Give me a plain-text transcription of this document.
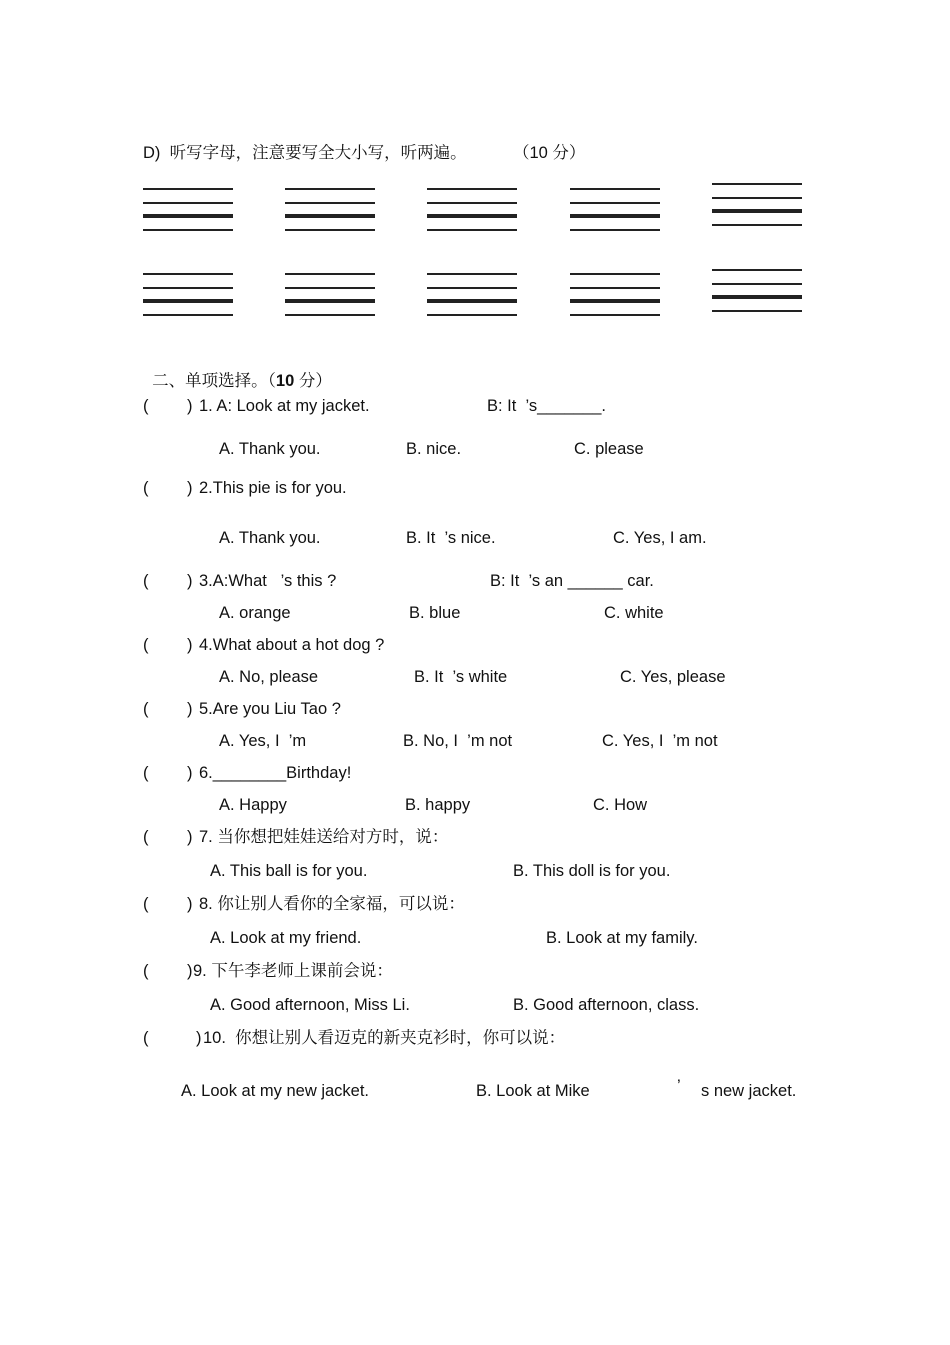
D)  听写字母，注意要写全大小写，听两遍。	（10 分）

二、单项选择。（10 分）

( ) 1. A: Look at my jacket.	B: It  ’s_______.
A. Thank you.	B. nice.	C. please
( ) 2.This pie is for you.
A. Thank you.	B. It  ’s nice.	C. Yes, I am.
( ) 3.A:What   ’s this ?	B: It  ’s an ______ car.
A. orange	B. blue	C. white
( ) 4.What about a hot dog ?
A. No, please	B. It  ’s white	C. Yes, please
( ) 5.Are you Liu Tao ?
A. Yes, I  ’m	B. No, I  ’m not	C. Yes, I  ’m not
( ) 6.________Birthday!
A. Happy	B. happy	C. How
( ) 7. 当你想把娃娃送给对方时，说：
A. This ball is for you.	B. This doll is for you.
( ) 8. 你让别人看你的全家福，可以说：
A. Look at my friend.	B. Look at my family.
( ) 9. 下午李老师上课前会说：
A. Good afternoon, Miss Li.	B. Good afternoon, class.
(	) 10.  你想让别人看迈克的新夹克衫时，你可以说：
A. Look at my new jacket.	B. Look at Mike	’ s new jacket.
